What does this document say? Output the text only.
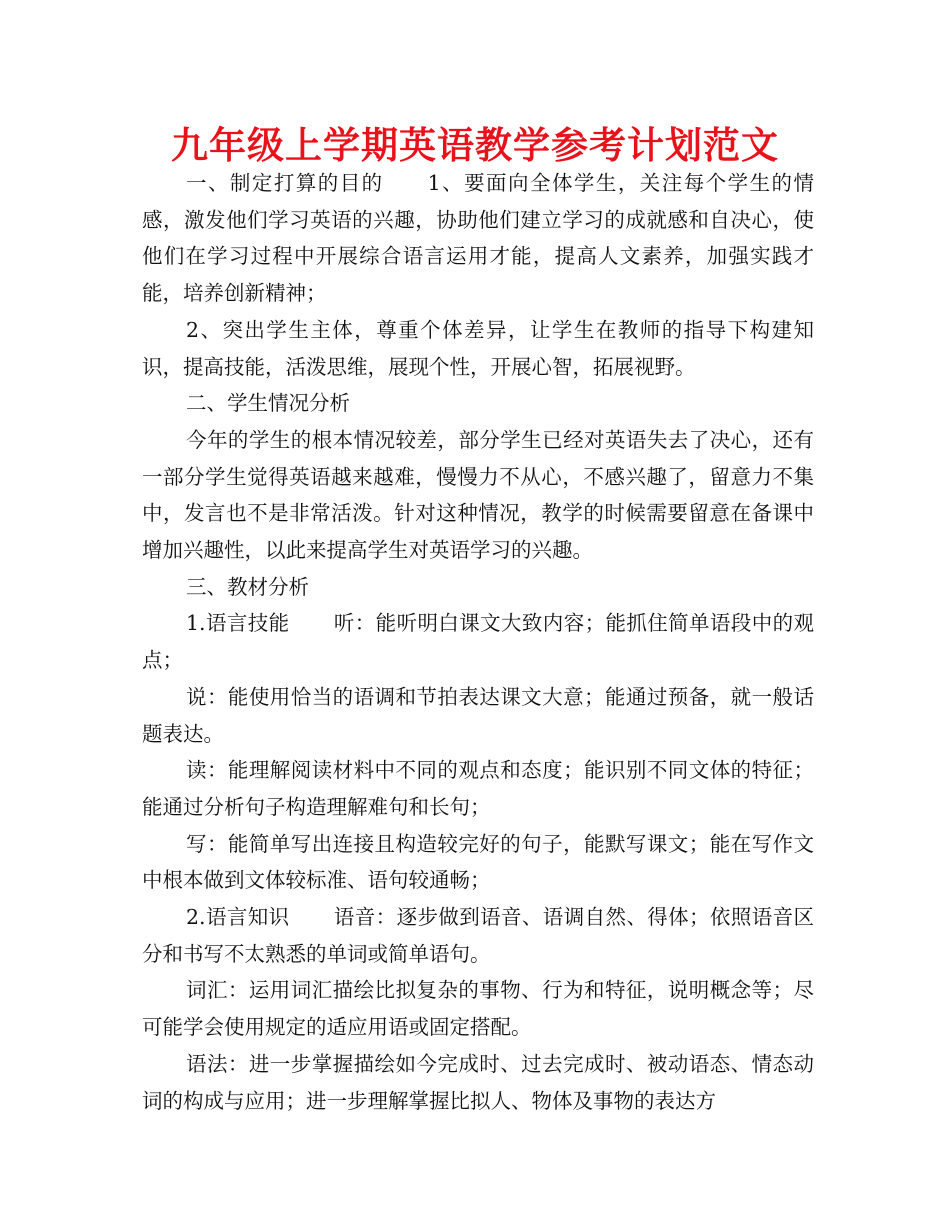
九年级上学期英语教学参考计划范文

一、制定打算的目的 1、要面向全体学生，关注每个学生的情感，激发他们学习英语的兴趣，协助他们建立学习的成就感和自决心，使他们在学习过程中开展综合语言运用才能，提高人文素养，加强实践才能，培养创新精神；

2、突出学生主体，尊重个体差异，让学生在教师的指导下构建知识，提高技能，活泼思维，展现个性，开展心智，拓展视野。

二、学生情况分析

今年的学生的根本情况较差，部分学生已经对英语失去了决心，还有一部分学生觉得英语越来越难，慢慢力不从心，不感兴趣了，留意力不集中，发言也不是非常活泼。针对这种情况，教学的时候需要留意在备课中增加兴趣性，以此来提高学生对英语学习的兴趣。

三、教材分析

1.语言技能 听：能听明白课文大致内容；能抓住简单语段中的观点；

说：能使用恰当的语调和节拍表达课文大意；能通过预备，就一般话题表达。

读：能理解阅读材料中不同的观点和态度；能识别不同文体的特征；能通过分析句子构造理解难句和长句；

写：能简单写出连接且构造较完好的句子，能默写课文；能在写作文中根本做到文体较标准、语句较通畅；

2.语言知识 语音：逐步做到语音、语调自然、得体；依照语音区分和书写不太熟悉的单词或简单语句。

词汇：运用词汇描绘比拟复杂的事物、行为和特征，说明概念等；尽可能学会使用规定的适应用语或固定搭配。

语法：进一步掌握描绘如今完成时、过去完成时、被动语态、情态动词的构成与应用；进一步理解掌握比拟人、物体及事物的表达方
